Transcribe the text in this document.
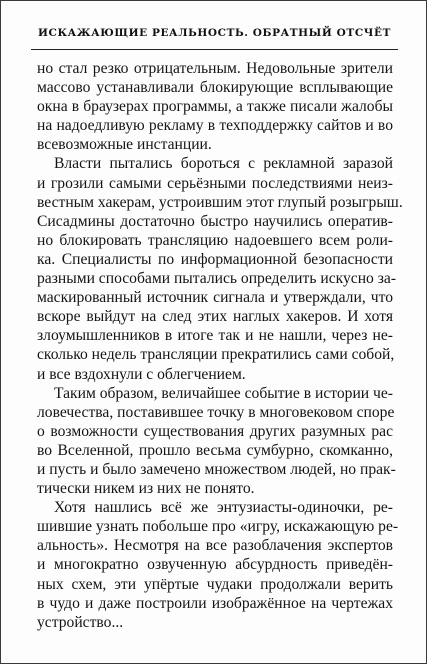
ИСКАЖАЮЩИЕ РЕАЛЬНОСТЬ. ОБРАТНЫЙ ОТСЧЁТ
но стал резко отрицательным. Недовольные зрители
массово устанавливали блокирующие всплывающие
окна в браузерах программы, а также писали жалобы
на надоедливую рекламу в техподдержку сайтов и во
всевозможные инстанции.
Власти пытались бороться с рекламной заразой
и грозили самыми серьёзными последствиями неиз-
вестным хакерам, устроившим этот глупый розыгрыш.
Сисадмины достаточно быстро научились оператив-
но блокировать трансляцию надоевшего всем роли-
ка. Специалисты по информационной безопасности
разными способами пытались определить искусно за-
маскированный источник сигнала и утверждали, что
вскоре выйдут на след этих наглых хакеров. И хотя
злоумышленников в итоге так и не нашли, через не-
сколько недель трансляции прекратились сами собой,
и все вздохнули с облегчением.
Таким образом, величайшее событие в истории че-
ловечества, поставившее точку в многовековом споре
о возможности существования других разумных рас
во Вселенной, прошло весьма сумбурно, скомканно,
и пусть и было замечено множеством людей, но прак-
тически никем из них не понято.
Хотя нашлись всё же энтузиасты-одиночки, ре-
шившие узнать побольше про «игру, искажающую ре-
альность». Несмотря на все разоблачения экспертов
и многократно озвученную абсурдность приведён-
ных схем, эти упёртые чудаки продолжали верить
в чудо и даже построили изображённое на чертежах
устройство...
